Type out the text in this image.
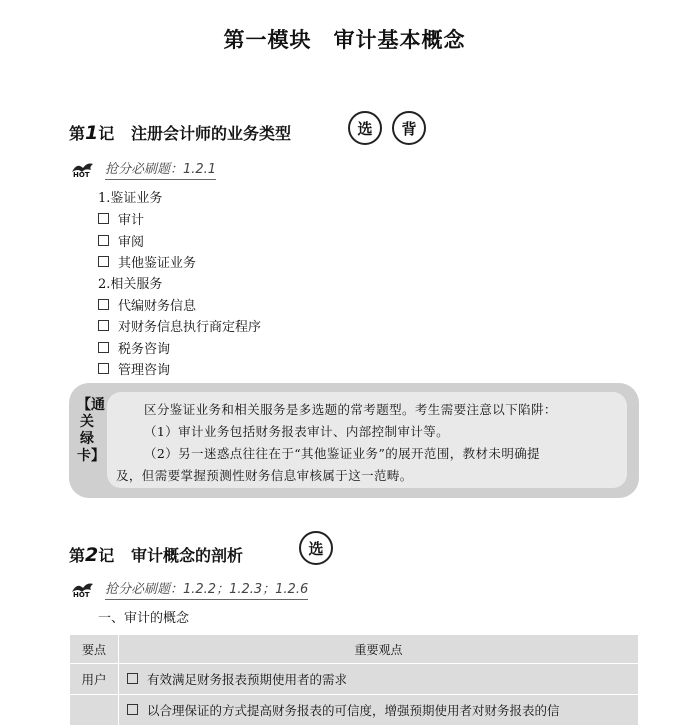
第一模块　审计基本概念
第1记 注册会计师的业务类型	选	背
HOT 抢分必刷题：1.2.1
1.鉴证业务
审计
审阅
其他鉴证业务
2.相关服务
代编财务信息
对财务信息执行商定程序
税务咨询
管理咨询
【通关绿卡】
区分鉴证业务和相关服务是多选题的常考题型。考生需要注意以下陷阱：
（1）审计业务包括财务报表审计、内部控制审计等。
（2）另一迷惑点往往在于“其他鉴证业务”的展开范围，教材未明确提
及，但需要掌握预测性财务信息审核属于这一范畴。
第2记 审计概念的剖析	选
HOT 抢分必刷题：1.2.2；1.2.3；1.2.6
一、审计的概念
要点	重要观点
用户	有效满足财务报表预期使用者的需求
	以合理保证的方式提高财务报表的可信度，增强预期使用者对财务报表的信
